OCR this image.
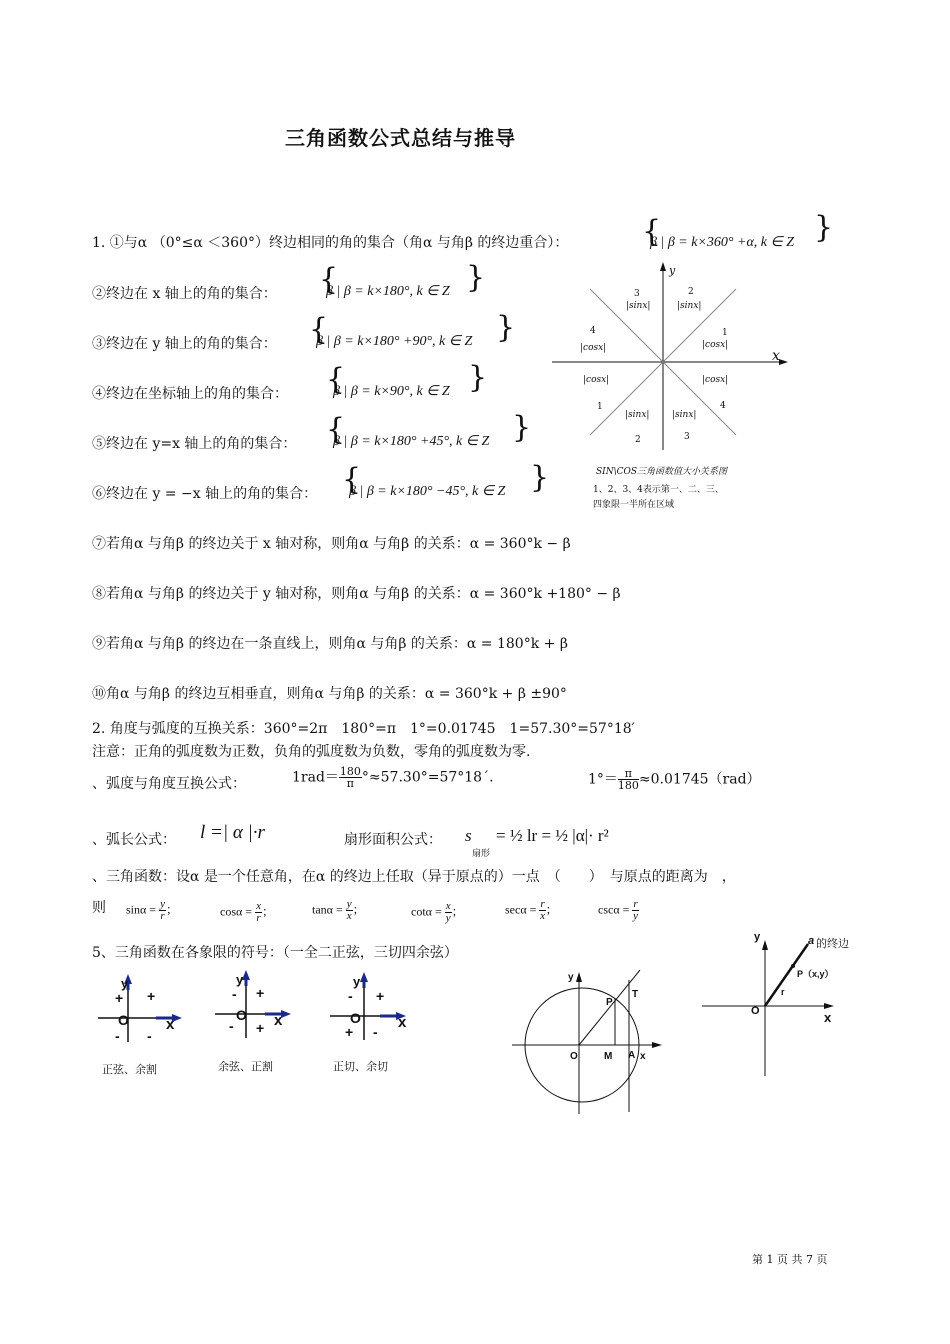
三角函数公式总结与推导
1. ①与α （0°≤α ＜360°）终边相同的角的集合（角α 与角β 的终边重合）： {
β | β = k×360° +α, k ∈ Z }
②终边在 x 轴上的角的集合： {
β | β = k×180°, k ∈ Z }
③终边在 y 轴上的角的集合： {
β | β = k×180° +90°, k ∈ Z }
④终边在坐标轴上的角的集合： {
β | β = k×90°, k ∈ Z }
⑤终边在 y=x 轴上的角的集合： {
β | β = k×180° +45°, k ∈ Z }
⑥终边在 y = −x 轴上的角的集合： {
β | β = k×180° −45°, k ∈ Z }
⑦若角α 与角β 的终边关于 x 轴对称，则角α 与角β 的关系：α = 360°k − β
⑧若角α 与角β 的终边关于 y 轴对称，则角α 与角β 的关系：α = 360°k +180° − β
⑨若角α 与角β 的终边在一条直线上，则角α 与角β 的关系：α = 180°k + β
⑩角α 与角β 的终边互相垂直，则角α 与角β 的关系：α = 360°k + β ±90°
y
x
3
|sinx|
2
|sinx|
4
|cosx|
1
|cosx|
|cosx|	|cosx|
1	4
|sinx|	|sinx|
2	3
SIN\COS三角函数值大小关系图
1、2、3、4表示第一、二、三、
四象限一半所在区域
2. 角度与弧度的互换关系：360°=2π　180°=π　1°=0.01745　1=57.30°=57°18′
注意：正角的弧度数为正数，负角的弧度数为负数，零角的弧度数为零.
、弧度与角度互换公式：	$1rad= \frac{180}{\pi}$ °≈57.30°=57°18ˊ.	$1^\circ= \frac{\pi}{180} \approx 0.01745(rad)$
、弧长公式： l =| α |·r	扇形面积公式： s
扇形
= ½ lr = ½ |α|· r²
、三角函数：设α 是一个任意角，在α 的终边上任取（异于原点的）一点　（　　）　与原点的距离为　，
则 $\sin\alpha = \frac{y}{r}$ ；	$\cos\alpha = \frac{x}{r}$ ；	$\tan\alpha = \frac{y}{x}$ ；	$\cot\alpha = \frac{x}{y}$ ；	$\sec\alpha = \frac{r}{x}$ ；	$\csc\alpha = \frac{r}{y}$
5、三角函数在各象限的符号：（一全二正弦，三切四余弦）
y
+ +
O x
- -
正弦、余割
y
- +
O x
- +
余弦、正割
y
- +
O x
+ -
正切、余切
y
P
T
O	M A x
y	a 的终边
P（x,y）
r
O	x
第 1 页 共 7 页
